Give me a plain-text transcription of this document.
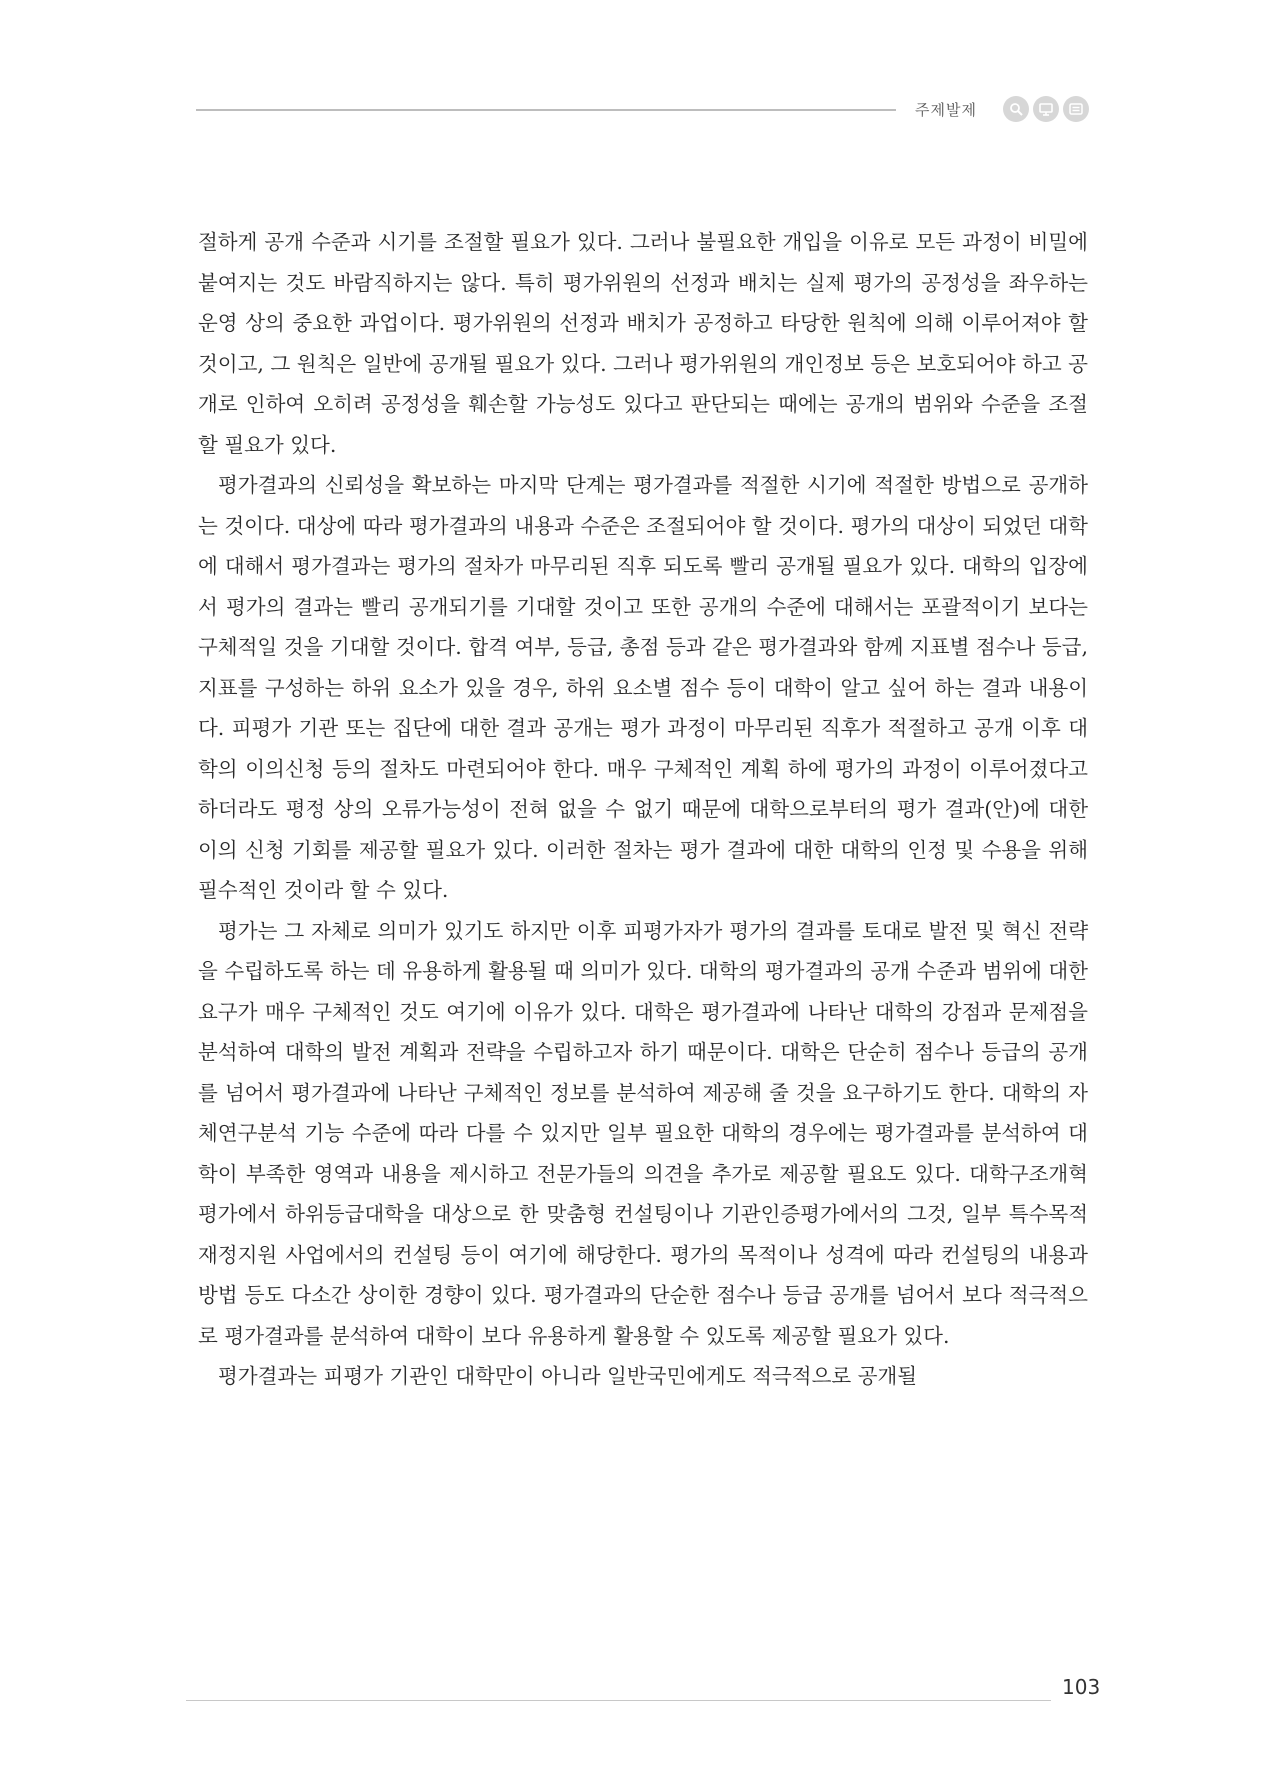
주제발제

절하게 공개 수준과 시기를 조절할 필요가 있다. 그러나 불필요한 개입을 이유로 모든 과정이 비밀에 붙여지는 것도 바람직하지는 않다. 특히 평가위원의 선정과 배치는 실제 평가의 공정성을 좌우하는 운영 상의 중요한 과업이다. 평가위원의 선정과 배치가 공정하고 타당한 원칙에 의해 이루어져야 할 것이고, 그 원칙은 일반에 공개될 필요가 있다. 그러나 평가위원의 개인정보 등은 보호되어야 하고 공개로 인하여 오히려 공정성을 훼손할 가능성도 있다고 판단되는 때에는 공개의 범위와 수준을 조절할 필요가 있다.

평가결과의 신뢰성을 확보하는 마지막 단계는 평가결과를 적절한 시기에 적절한 방법으로 공개하는 것이다. 대상에 따라 평가결과의 내용과 수준은 조절되어야 할 것이다. 평가의 대상이 되었던 대학에 대해서 평가결과는 평가의 절차가 마무리된 직후 되도록 빨리 공개될 필요가 있다. 대학의 입장에서 평가의 결과는 빨리 공개되기를 기대할 것이고 또한 공개의 수준에 대해서는 포괄적이기 보다는 구체적일 것을 기대할 것이다. 합격 여부, 등급, 총점 등과 같은 평가결과와 함께 지표별 점수나 등급, 지표를 구성하는 하위 요소가 있을 경우, 하위 요소별 점수 등이 대학이 알고 싶어 하는 결과 내용이다. 피평가 기관 또는 집단에 대한 결과 공개는 평가 과정이 마무리된 직후가 적절하고 공개 이후 대학의 이의신청 등의 절차도 마련되어야 한다. 매우 구체적인 계획 하에 평가의 과정이 이루어졌다고 하더라도 평정 상의 오류가능성이 전혀 없을 수 없기 때문에 대학으로부터의 평가 결과(안)에 대한 이의 신청 기회를 제공할 필요가 있다. 이러한 절차는 평가 결과에 대한 대학의 인정 및 수용을 위해 필수적인 것이라 할 수 있다.

평가는 그 자체로 의미가 있기도 하지만 이후 피평가자가 평가의 결과를 토대로 발전 및 혁신 전략을 수립하도록 하는 데 유용하게 활용될 때 의미가 있다. 대학의 평가결과의 공개 수준과 범위에 대한 요구가 매우 구체적인 것도 여기에 이유가 있다. 대학은 평가결과에 나타난 대학의 강점과 문제점을 분석하여 대학의 발전 계획과 전략을 수립하고자 하기 때문이다. 대학은 단순히 점수나 등급의 공개를 넘어서 평가결과에 나타난 구체적인 정보를 분석하여 제공해 줄 것을 요구하기도 한다. 대학의 자체연구분석 기능 수준에 따라 다를 수 있지만 일부 필요한 대학의 경우에는 평가결과를 분석하여 대학이 부족한 영역과 내용을 제시하고 전문가들의 의견을 추가로 제공할 필요도 있다. 대학구조개혁평가에서 하위등급대학을 대상으로 한 맞춤형 컨설팅이나 기관인증평가에서의 그것, 일부 특수목적 재정지원 사업에서의 컨설팅 등이 여기에 해당한다. 평가의 목적이나 성격에 따라 컨설팅의 내용과 방법 등도 다소간 상이한 경향이 있다. 평가결과의 단순한 점수나 등급 공개를 넘어서 보다 적극적으로 평가결과를 분석하여 대학이 보다 유용하게 활용할 수 있도록 제공할 필요가 있다.

평가결과는 피평가 기관인 대학만이 아니라 일반국민에게도 적극적으로 공개될

103
